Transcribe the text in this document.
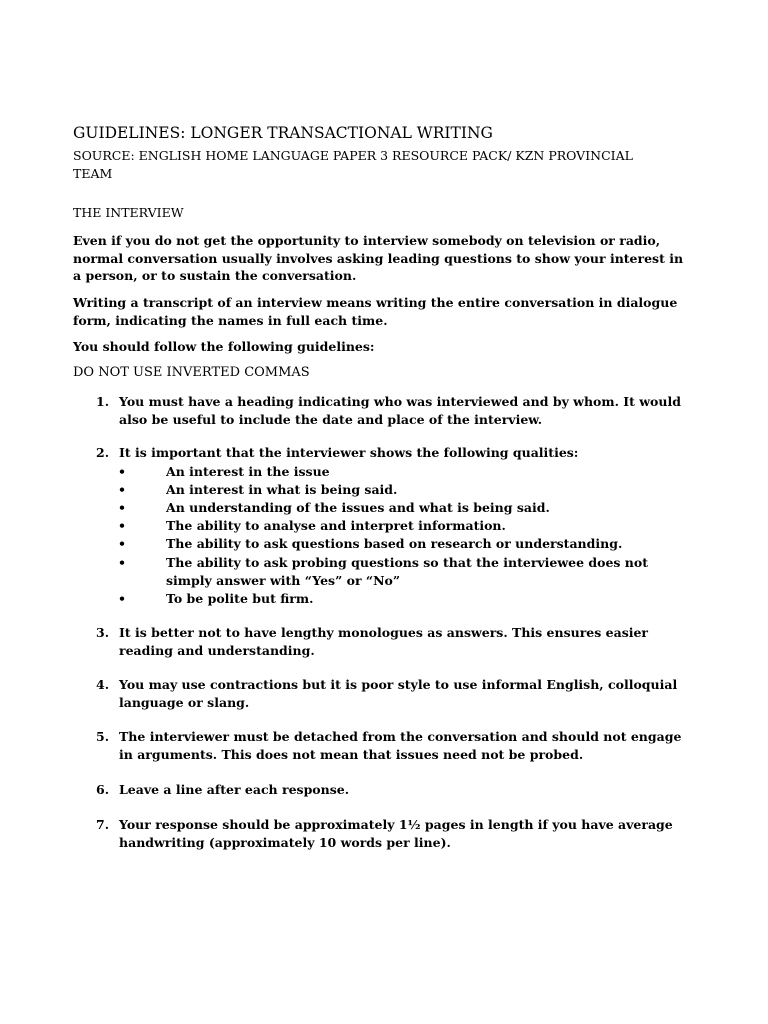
GUIDELINES: LONGER TRANSACTIONAL WRITING
SOURCE: ENGLISH HOME LANGUAGE PAPER 3 RESOURCE PACK/ KZN PROVINCIAL TEAM
THE INTERVIEW
Even if you do not get the opportunity to interview somebody on television or radio, normal conversation usually involves asking leading questions to show your interest in a person, or to sustain the conversation.
Writing a transcript of an interview means writing the entire conversation in dialogue form, indicating the names in full each time.
You should follow the following guidelines:
DO NOT USE INVERTED COMMAS
1. You must have a heading indicating who was interviewed and by whom. It would also be useful to include the date and place of the interview.
2. It is important that the interviewer shows the following qualities:
•	An interest in the issue
•	An interest in what is being said.
•	An understanding of the issues and what is being said.
•	The ability to analyse and interpret information.
•	The ability to ask questions based on research or understanding.
•	The ability to ask probing questions so that the interviewee does not simply answer with “Yes” or “No”
•	To be polite but firm.
3. It is better not to have lengthy monologues as answers. This ensures easier reading and understanding.
4. You may use contractions but it is poor style to use informal English, colloquial language or slang.
5. The interviewer must be detached from the conversation and should not engage in arguments. This does not mean that issues need not be probed.
6. Leave a line after each response.
7. Your response should be approximately 1½ pages in length if you have average handwriting (approximately 10 words per line).
